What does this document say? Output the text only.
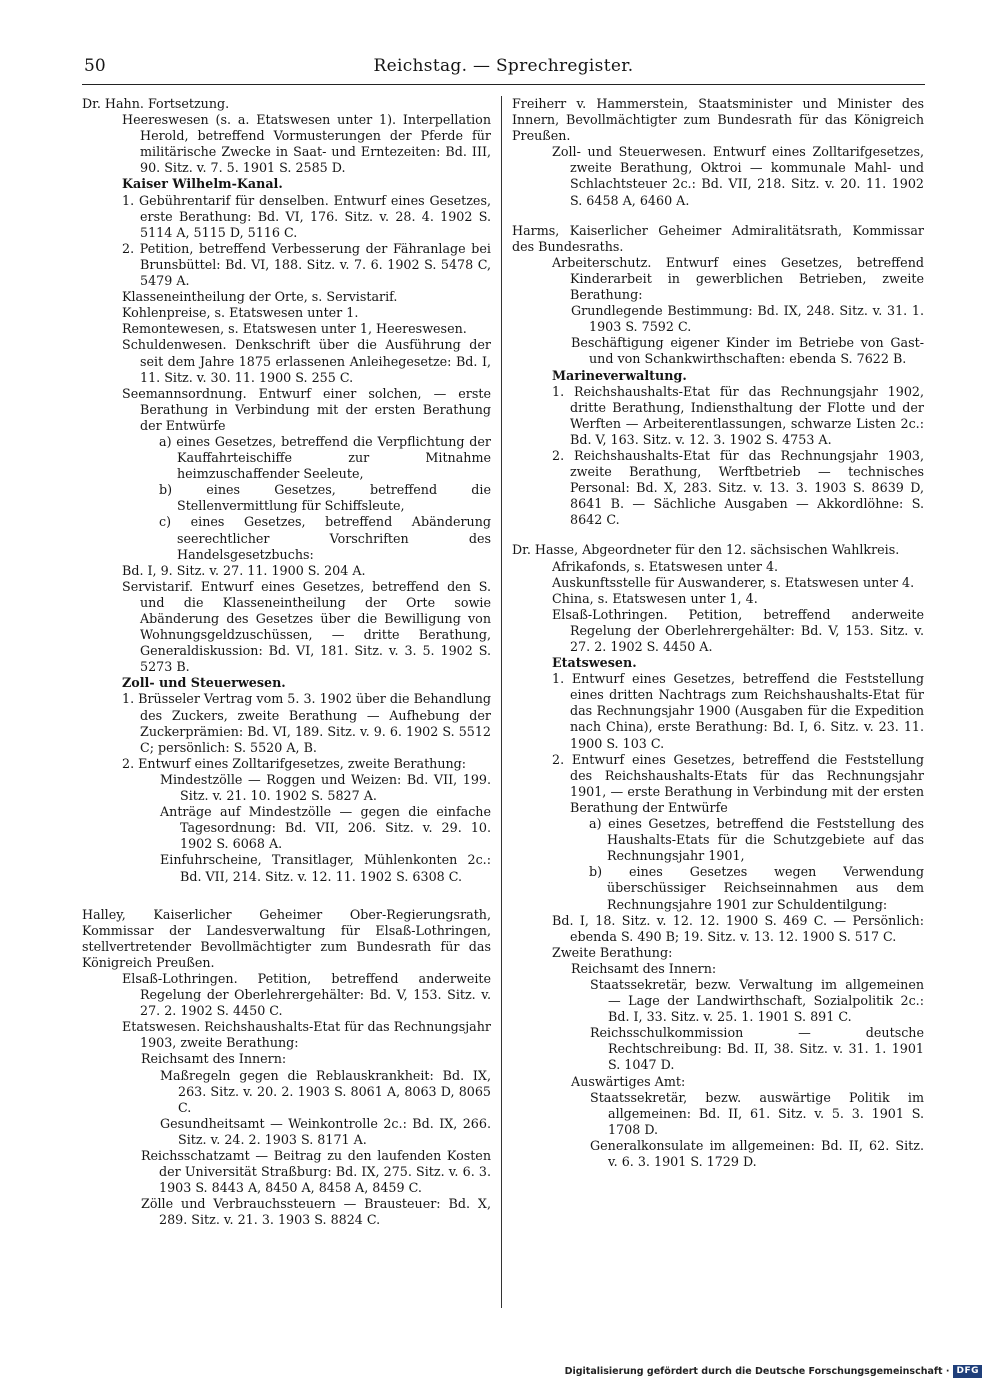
50	Reichstag. — Sprechregister.
Dr. Hahn. Fortsetzung.
Heereswesen (s. a. Etatswesen unter 1). Interpellation Herold, betreffend Vormusterungen der Pferde für militärische Zwecke in Saat- und Erntezeiten: Bd. III, 90. Sitz. v. 7. 5. 1901 S. 2585 D.
Kaiser Wilhelm-Kanal.
1. Gebührentarif für denselben. Entwurf eines Gesetzes, erste Berathung: Bd. VI, 176. Sitz. v. 28. 4. 1902 S. 5114 A, 5115 D, 5116 C.
2. Petition, betreffend Verbesserung der Fähranlage bei Brunsbüttel: Bd. VI, 188. Sitz. v. 7. 6. 1902 S. 5478 C, 5479 A.
Klasseneintheilung der Orte, s. Servistarif.
Kohlenpreise, s. Etatswesen unter 1.
Remontewesen, s. Etatswesen unter 1, Heereswesen.
Schuldenwesen. Denkschrift über die Ausführung der seit dem Jahre 1875 erlassenen Anleihegesetze: Bd. I, 11. Sitz. v. 30. 11. 1900 S. 255 C.
Seemannsordnung. Entwurf einer solchen, — erste Berathung in Verbindung mit der ersten Berathung der Entwürfe
a) eines Gesetzes, betreffend die Verpflichtung der Kauffahrteischiffe zur Mitnahme heimzuschaffender Seeleute,
b) eines Gesetzes, betreffend die Stellenvermittlung für Schiffsleute,
c) eines Gesetzes, betreffend Abänderung seerechtlicher Vorschriften des Handelsgesetzbuchs:
Bd. I, 9. Sitz. v. 27. 11. 1900 S. 204 A.
Servistarif. Entwurf eines Gesetzes, betreffend den S. und die Klasseneintheilung der Orte sowie Abänderung des Gesetzes über die Bewilligung von Wohnungsgeldzuschüssen, — dritte Berathung, Generaldiskussion: Bd. VI, 181. Sitz. v. 3. 5. 1902 S. 5273 B.
Zoll- und Steuerwesen.
1. Brüsseler Vertrag vom 5. 3. 1902 über die Behandlung des Zuckers, zweite Berathung — Aufhebung der Zuckerprämien: Bd. VI, 189. Sitz. v. 9. 6. 1902 S. 5512 C; persönlich: S. 5520 A, B.
2. Entwurf eines Zolltarifgesetzes, zweite Berathung:
Mindestzölle — Roggen und Weizen: Bd. VII, 199. Sitz. v. 21. 10. 1902 S. 5827 A.
Anträge auf Mindestzölle — gegen die einfache Tagesordnung: Bd. VII, 206. Sitz. v. 29. 10. 1902 S. 6068 A.
Einfuhrscheine, Transitlager, Mühlenkonten 2c.: Bd. VII, 214. Sitz. v. 12. 11. 1902 S. 6308 C.
Halley, Kaiserlicher Geheimer Ober-Regierungsrath, Kommissar der Landesverwaltung für Elsaß-Lothringen, stellvertretender Bevollmächtigter zum Bundesrath für das Königreich Preußen.
Elsaß-Lothringen. Petition, betreffend anderweite Regelung der Oberlehrergehälter: Bd. V, 153. Sitz. v. 27. 2. 1902 S. 4450 C.
Etatswesen. Reichshaushalts-Etat für das Rechnungsjahr 1903, zweite Berathung:
Reichsamt des Innern:
Maßregeln gegen die Reblauskrankheit: Bd. IX, 263. Sitz. v. 20. 2. 1903 S. 8061 A, 8063 D, 8065 C.
Gesundheitsamt — Weinkontrolle 2c.: Bd. IX, 266. Sitz. v. 24. 2. 1903 S. 8171 A.
Reichsschatzamt — Beitrag zu den laufenden Kosten der Universität Straßburg: Bd. IX, 275. Sitz. v. 6. 3. 1903 S. 8443 A, 8450 A, 8458 A, 8459 C.
Zölle und Verbrauchssteuern — Brausteuer: Bd. X, 289. Sitz. v. 21. 3. 1903 S. 8824 C.
Freiherr v. Hammerstein, Staatsminister und Minister des Innern, Bevollmächtigter zum Bundesrath für das Königreich Preußen.
Zoll- und Steuerwesen. Entwurf eines Zolltarifgesetzes, zweite Berathung, Oktroi — kommunale Mahl- und Schlachtsteuer 2c.: Bd. VII, 218. Sitz. v. 20. 11. 1902 S. 6458 A, 6460 A.
Harms, Kaiserlicher Geheimer Admiralitätsrath, Kommissar des Bundesraths.
Arbeiterschutz. Entwurf eines Gesetzes, betreffend Kinderarbeit in gewerblichen Betrieben, zweite Berathung:
Grundlegende Bestimmung: Bd. IX, 248. Sitz. v. 31. 1. 1903 S. 7592 C.
Beschäftigung eigener Kinder im Betriebe von Gast- und von Schankwirthschaften: ebenda S. 7622 B.
Marineverwaltung.
1. Reichshaushalts-Etat für das Rechnungsjahr 1902, dritte Berathung, Indiensthaltung der Flotte und der Werften — Arbeiterentlassungen, schwarze Listen 2c.: Bd. V, 163. Sitz. v. 12. 3. 1902 S. 4753 A.
2. Reichshaushalts-Etat für das Rechnungsjahr 1903, zweite Berathung, Werftbetrieb — technisches Personal: Bd. X, 283. Sitz. v. 13. 3. 1903 S. 8639 D, 8641 B. — Sächliche Ausgaben — Akkordlöhne: S. 8642 C.
Dr. Hasse, Abgeordneter für den 12. sächsischen Wahlkreis.
Afrikafonds, s. Etatswesen unter 4.
Auskunftsstelle für Auswanderer, s. Etatswesen unter 4.
China, s. Etatswesen unter 1, 4.
Elsaß-Lothringen. Petition, betreffend anderweite Regelung der Oberlehrergehälter: Bd. V, 153. Sitz. v. 27. 2. 1902 S. 4450 A.
Etatswesen.
1. Entwurf eines Gesetzes, betreffend die Feststellung eines dritten Nachtrags zum Reichshaushalts-Etat für das Rechnungsjahr 1900 (Ausgaben für die Expedition nach China), erste Berathung: Bd. I, 6. Sitz. v. 23. 11. 1900 S. 103 C.
2. Entwurf eines Gesetzes, betreffend die Feststellung des Reichshaushalts-Etats für das Rechnungsjahr 1901, — erste Berathung in Verbindung mit der ersten Berathung der Entwürfe
a) eines Gesetzes, betreffend die Feststellung des Haushalts-Etats für die Schutzgebiete auf das Rechnungsjahr 1901,
b) eines Gesetzes wegen Verwendung überschüssiger Reichseinnahmen aus dem Rechnungsjahre 1901 zur Schuldentilgung:
Bd. I, 18. Sitz. v. 12. 12. 1900 S. 469 C. — Persönlich: ebenda S. 490 B; 19. Sitz. v. 13. 12. 1900 S. 517 C.
Zweite Berathung:
Reichsamt des Innern:
Staatssekretär, bezw. Verwaltung im allgemeinen — Lage der Landwirthschaft, Sozialpolitik 2c.: Bd. I, 33. Sitz. v. 25. 1. 1901 S. 891 C.
Reichsschulkommission — deutsche Rechtschreibung: Bd. II, 38. Sitz. v. 31. 1. 1901 S. 1047 D.
Auswärtiges Amt:
Staatssekretär, bezw. auswärtige Politik im allgemeinen: Bd. II, 61. Sitz. v. 5. 3. 1901 S. 1708 D.
Generalkonsulate im allgemeinen: Bd. II, 62. Sitz. v. 6. 3. 1901 S. 1729 D.
Digitalisierung gefördert durch die Deutsche Forschungsgemeinschaft · DFG
